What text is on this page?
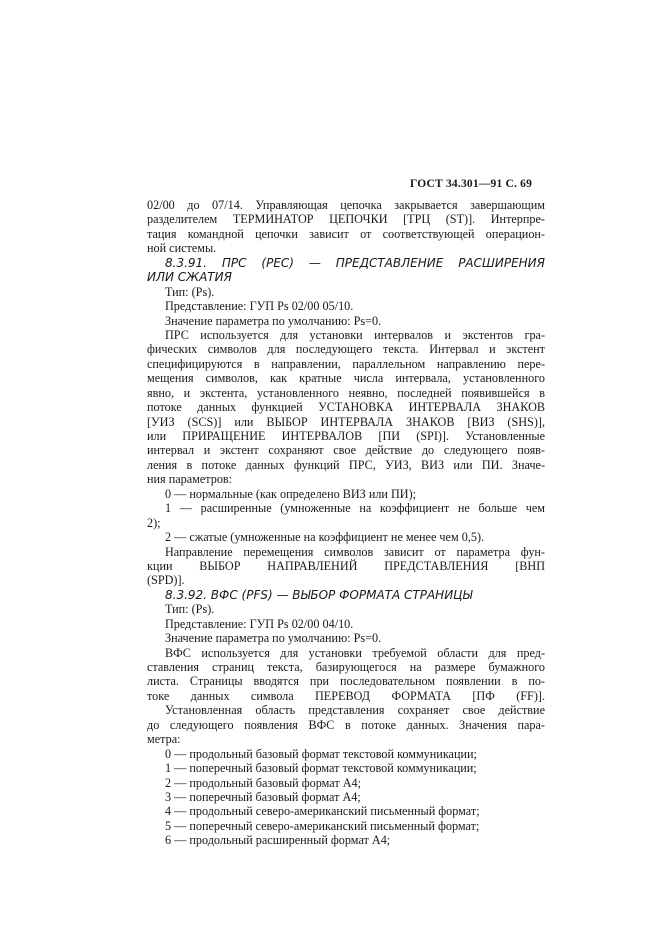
ГОСТ 34.301—91 С. 69
02/00 до 07/14. Управляющая цепочка закрывается завершающим
разделителем ТЕРМИНАТОР ЦЕПОЧКИ [ТРЦ (ST)]. Интерпре-
тация командной цепочки зависит от соответствующей операцион-
ной системы.
8.3.91. ПРС (PEC) — ПРЕДСТАВЛЕНИЕ РАСШИРЕНИЯ
ИЛИ СЖАТИЯ
Тип: (Ps).
Представление: ГУП Ps 02/00 05/10.
Значение параметра по умолчанию: Ps=0.
ПРС используется для установки интервалов и экстентов гра-
фических символов для последующего текста. Интервал и экстент
специфицируются в направлении, параллельном направлению пере-
мещения символов, как кратные числа интервала, установленного
явно, и экстента, установленного неявно, последней появившейся в
потоке данных функцией УСТАНОВКА ИНТЕРВАЛА ЗНАКОВ
[УИЗ (SCS)] или ВЫБОР ИНТЕРВАЛА ЗНАКОВ [ВИЗ (SHS)],
или ПРИРАЩЕНИЕ ИНТЕРВАЛОВ [ПИ (SPI)]. Установленные
интервал и экстент сохраняют свое действие до следующего появ-
ления в потоке данных функций ПРС, УИЗ, ВИЗ или ПИ. Значе-
ния параметров:
0 — нормальные (как определено ВИЗ или ПИ);
1 — расширенные (умноженные на коэффициент не больше чем
2);
2 — сжатые (умноженные на коэффициент не менее чем 0,5).
Направление перемещения символов зависит от параметра фун-
кции ВЫБОР НАПРАВЛЕНИЙ ПРЕДСТАВЛЕНИЯ [ВНП
(SPD)].
8.3.92. ВФС (PFS) — ВЫБОР ФОРМАТА СТРАНИЦЫ
Тип: (Ps).
Представление: ГУП Ps 02/00 04/10.
Значение параметра по умолчанию: Ps=0.
ВФС используется для установки требуемой области для пред-
ставления страниц текста, базирующегося на размере бумажного
листа. Страницы вводятся при последовательном появлении в по-
токе данных символа ПЕРЕВОД ФОРМАТА [ПФ (FF)].
Установленная область представления сохраняет свое действие
до следующего появления ВФС в потоке данных. Значения пара-
метра:
0 — продольный базовый формат текстовой коммуникации;
1 — поперечный базовый формат текстовой коммуникации;
2 — продольный базовый формат А4;
3 — поперечный базовый формат А4;
4 — продольный северо-американский письменный формат;
5 — поперечный северо-американский письменный формат;
6 — продольный расширенный формат А4;
